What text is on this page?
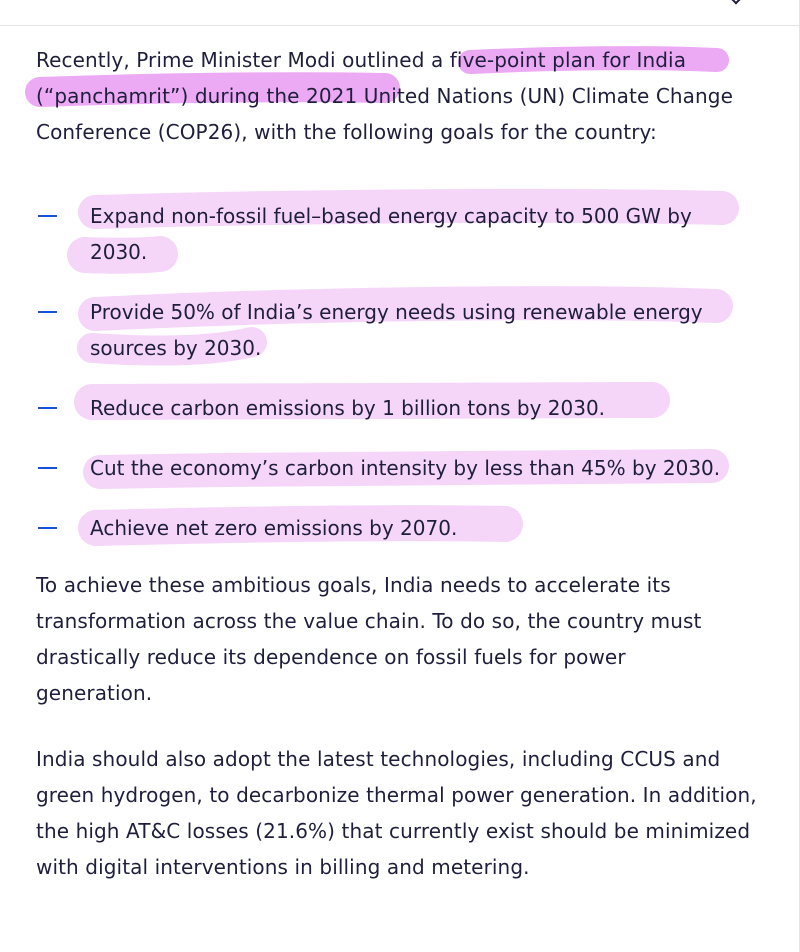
Recently, Prime Minister Modi outlined a five-point plan for India (“panchamrit”) during the 2021 United Nations (UN) Climate Change Conference (COP26), with the following goals for the country:

Expand non-fossil fuel–based energy capacity to 500 GW by 2030.
Provide 50% of India’s energy needs using renewable energy sources by 2030.
Reduce carbon emissions by 1 billion tons by 2030.
Cut the economy’s carbon intensity by less than 45% by 2030.
Achieve net zero emissions by 2070.

To achieve these ambitious goals, India needs to accelerate its transformation across the value chain. To do so, the country must drastically reduce its dependence on fossil fuels for power generation.

India should also adopt the latest technologies, including CCUS and green hydrogen, to decarbonize thermal power generation. In addition, the high AT&C losses (21.6%) that currently exist should be minimized with digital interventions in billing and metering.
